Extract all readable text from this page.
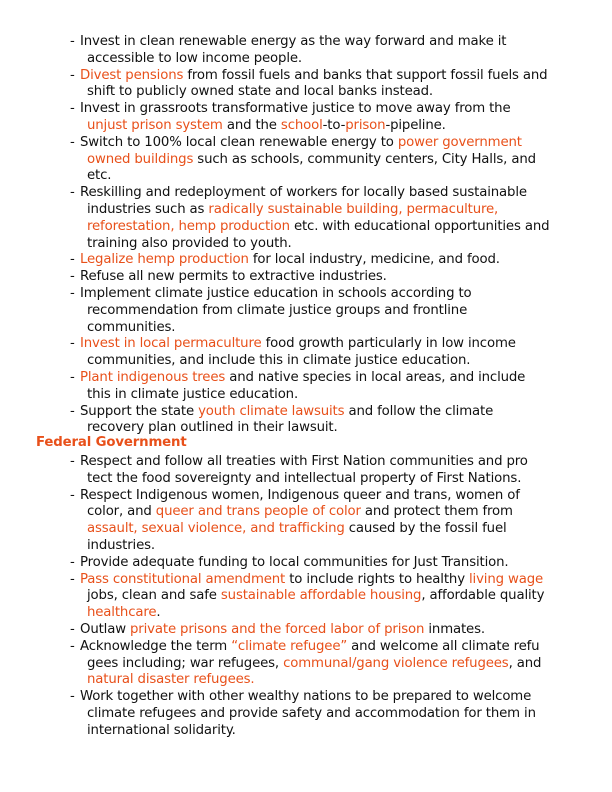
- Invest in clean renewable energy as the way forward and make it
accessible to low income people.
- Divest pensions from fossil fuels and banks that support fossil fuels and
shift to publicly owned state and local banks instead.
- Invest in grassroots transformative justice to move away from the
unjust prison system and the school-to-prison-pipeline.
- Switch to 100% local clean renewable energy to power government
owned buildings such as schools, community centers, City Halls, and
etc.
- Reskilling and redeployment of workers for locally based sustainable
industries such as radically sustainable building, permaculture,
reforestation, hemp production etc. with educational opportunities and
training also provided to youth.
- Legalize hemp production for local industry, medicine, and food.
- Refuse all new permits to extractive industries.
- Implement climate justice education in schools according to
recommendation from climate justice groups and frontline
communities.
- Invest in local permaculture food growth particularly in low income
communities, and include this in climate justice education.
- Plant indigenous trees and native species in local areas, and include
this in climate justice education.
- Support the state youth climate lawsuits and follow the climate
recovery plan outlined in their lawsuit.
Federal Government
- Respect and follow all treaties with First Nation communities and pro
tect the food sovereignty and intellectual property of First Nations.
- Respect Indigenous women, Indigenous queer and trans, women of
color, and queer and trans people of color and protect them from
assault, sexual violence, and trafficking caused by the fossil fuel
industries.
- Provide adequate funding to local communities for Just Transition.
- Pass constitutional amendment to include rights to healthy living wage
jobs, clean and safe sustainable affordable housing, affordable quality
healthcare.
- Outlaw private prisons and the forced labor of prison inmates.
- Acknowledge the term “climate refugee” and welcome all climate refu
gees including; war refugees, communal/gang violence refugees, and
natural disaster refugees.
- Work together with other wealthy nations to be prepared to welcome
climate refugees and provide safety and accommodation for them in
international solidarity.
